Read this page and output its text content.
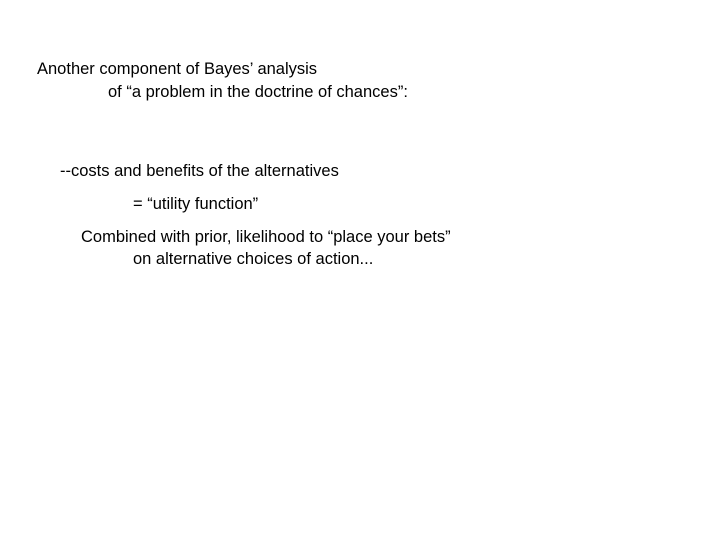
Another component of Bayes’ analysis

of “a problem in the doctrine of chances”:

--costs and benefits of the alternatives

= “utility function”

Combined with prior, likelihood to “place your bets”

on alternative choices of action...
